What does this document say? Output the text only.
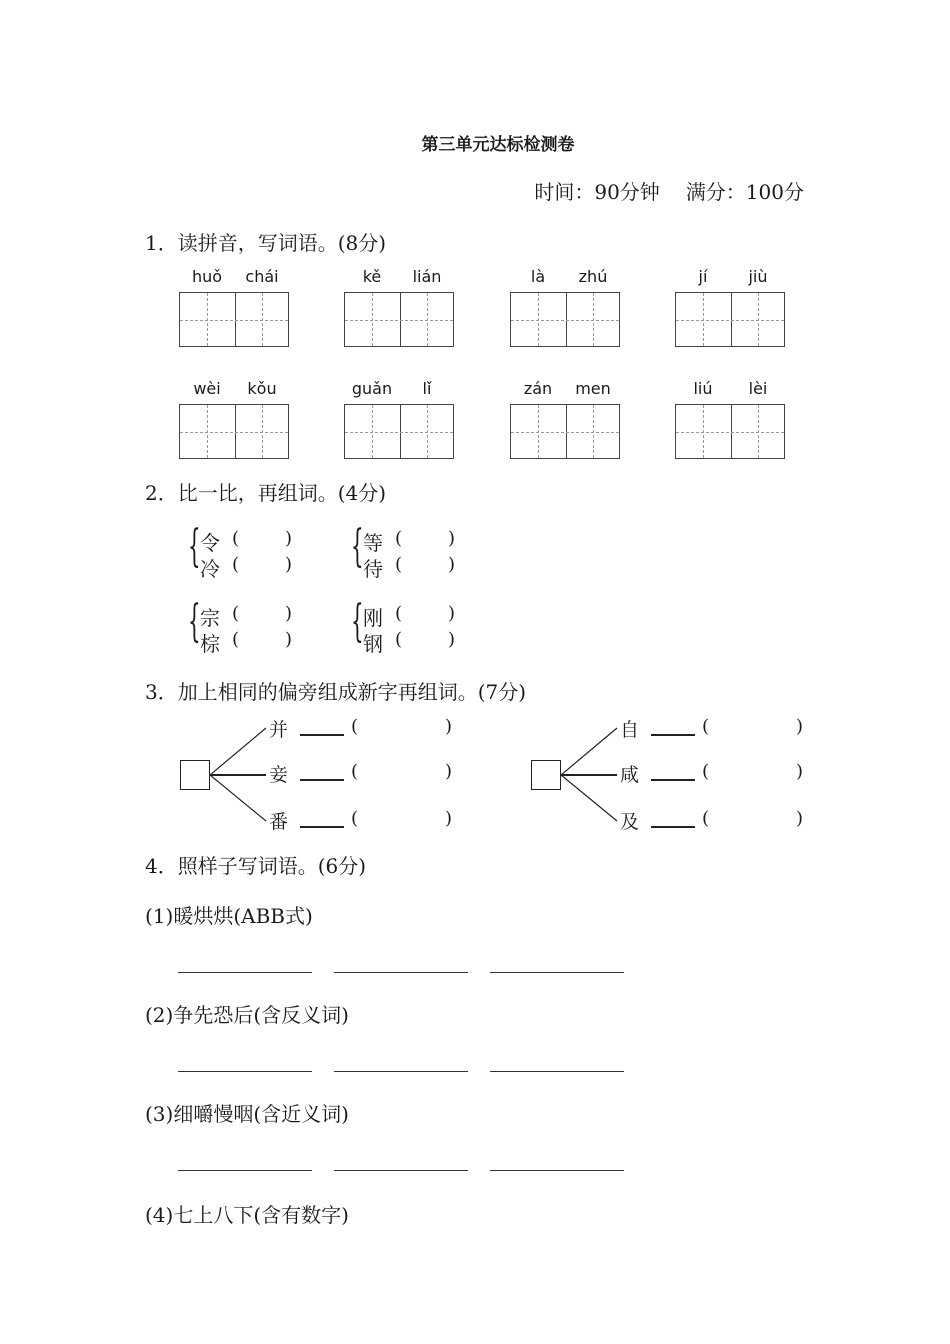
第三单元达标检测卷
时间：90分钟 满分：100分
1．读拼音，写词语。(8分)
huǒ	chái	kě	lián	là	zhú	jí	jiù
wèi	kǒu	guǎn	lǐ	zán	men	liú	lèi
2．比一比，再组词。(4分)
{ 令 (	)
冷 (	) { 等 (	)
待 (	)
{ 宗 (	)
棕 (	) { 刚 (	)
钢 (	)
3．加上相同的偏旁组成新字再组词。(7分)
并	(	)
妾	(	)
番	(	)
自	(	)
咸	(	)
及	(	)
4．照样子写词语。(6分)
(1)暖烘烘(ABB式)
(2)争先恐后(含反义词)
(3)细嚼慢咽(含近义词)
(4)七上八下(含有数字)
